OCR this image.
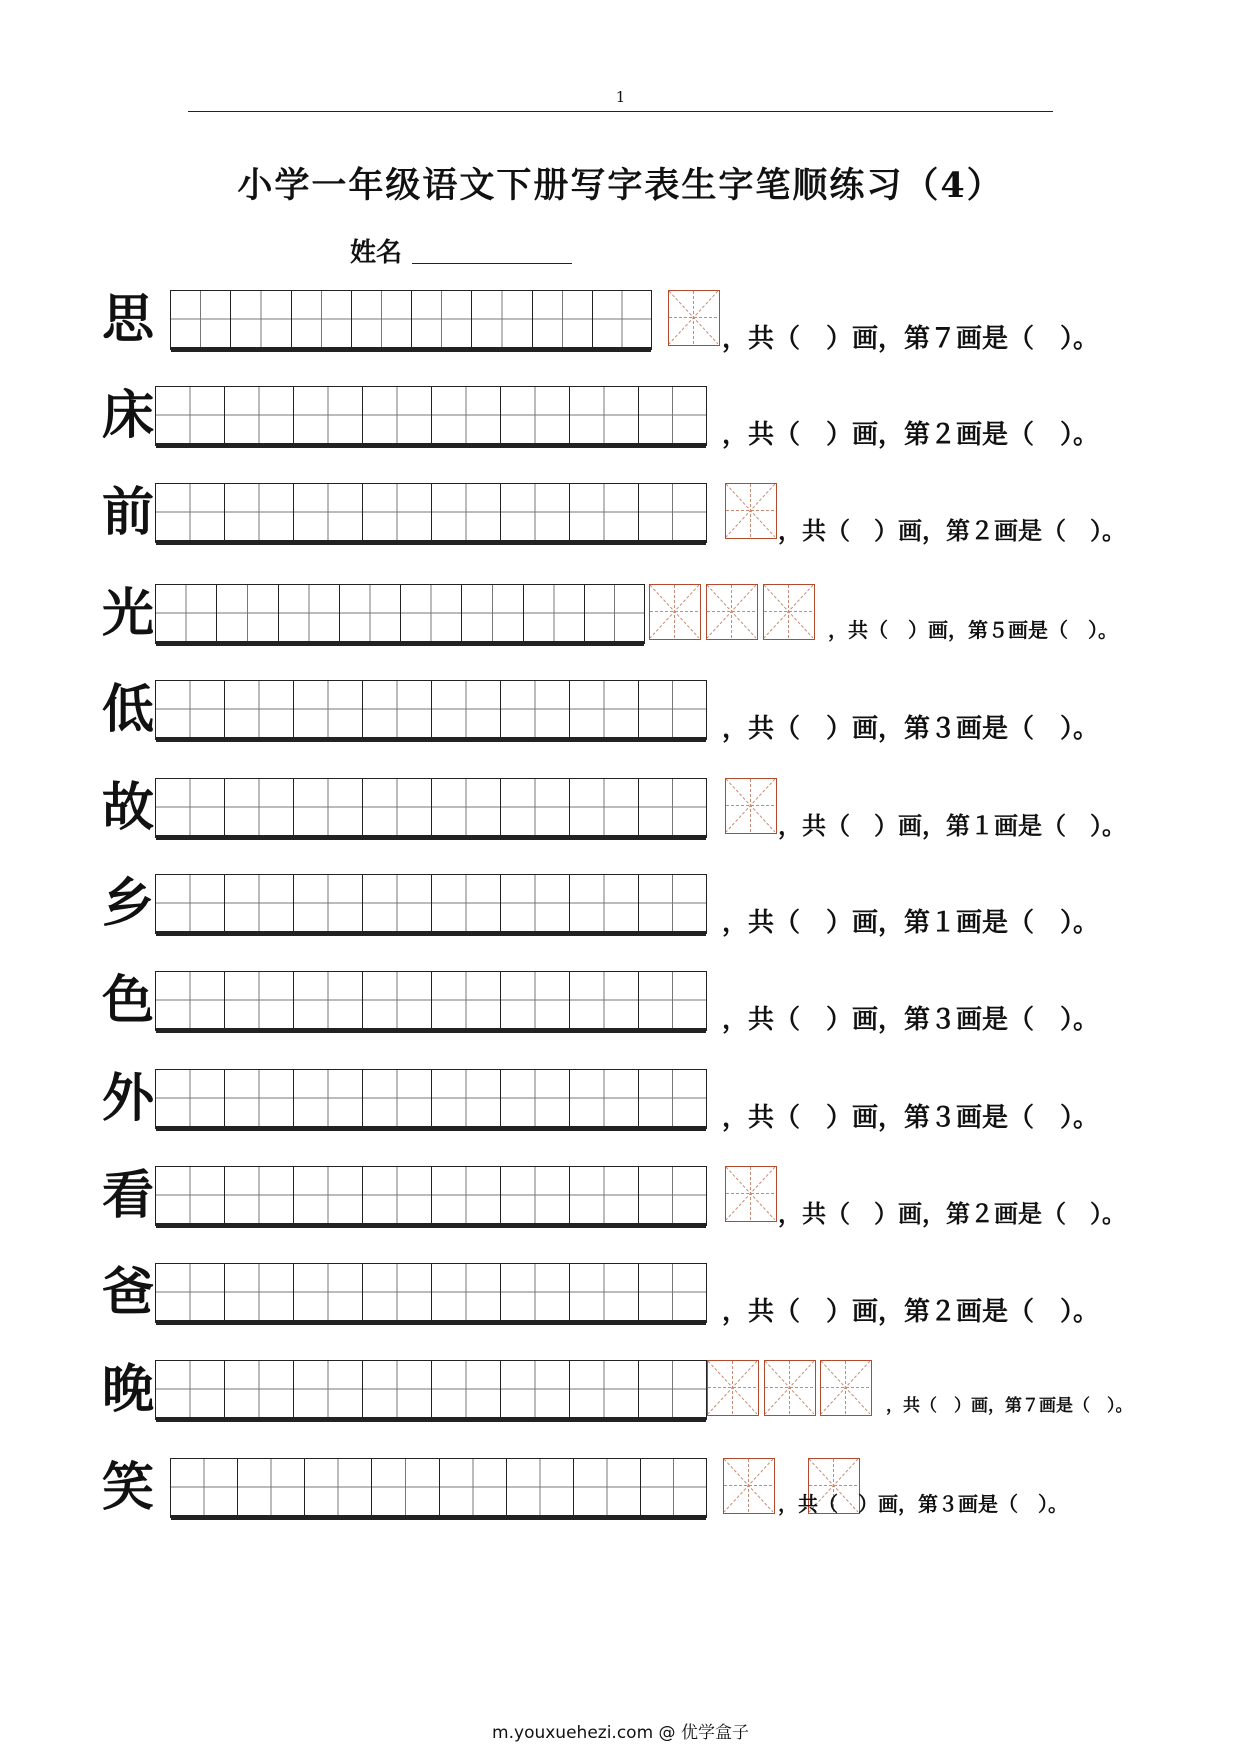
1
小学一年级语文下册写字表生字笔顺练习（4）
姓名
思	，共（　）画，第７画是（　）。
床	，共（　）画，第２画是（　）。
前	，共（　）画，第２画是（　）。
光	，共（　）画，第５画是（　）。
低	，共（　）画，第３画是（　）。
故	，共（　）画，第１画是（　）。
乡	，共（　）画，第１画是（　）。
色	，共（　）画，第３画是（　）。
外	，共（　）画，第３画是（　）。
看	，共（　）画，第２画是（　）。
爸	，共（　）画，第２画是（　）。
晚	，共（　）画，第７画是（　）。
笑	，共（　）画，第３画是（　）。
m.youxuehezi.com @ 优学盒子
